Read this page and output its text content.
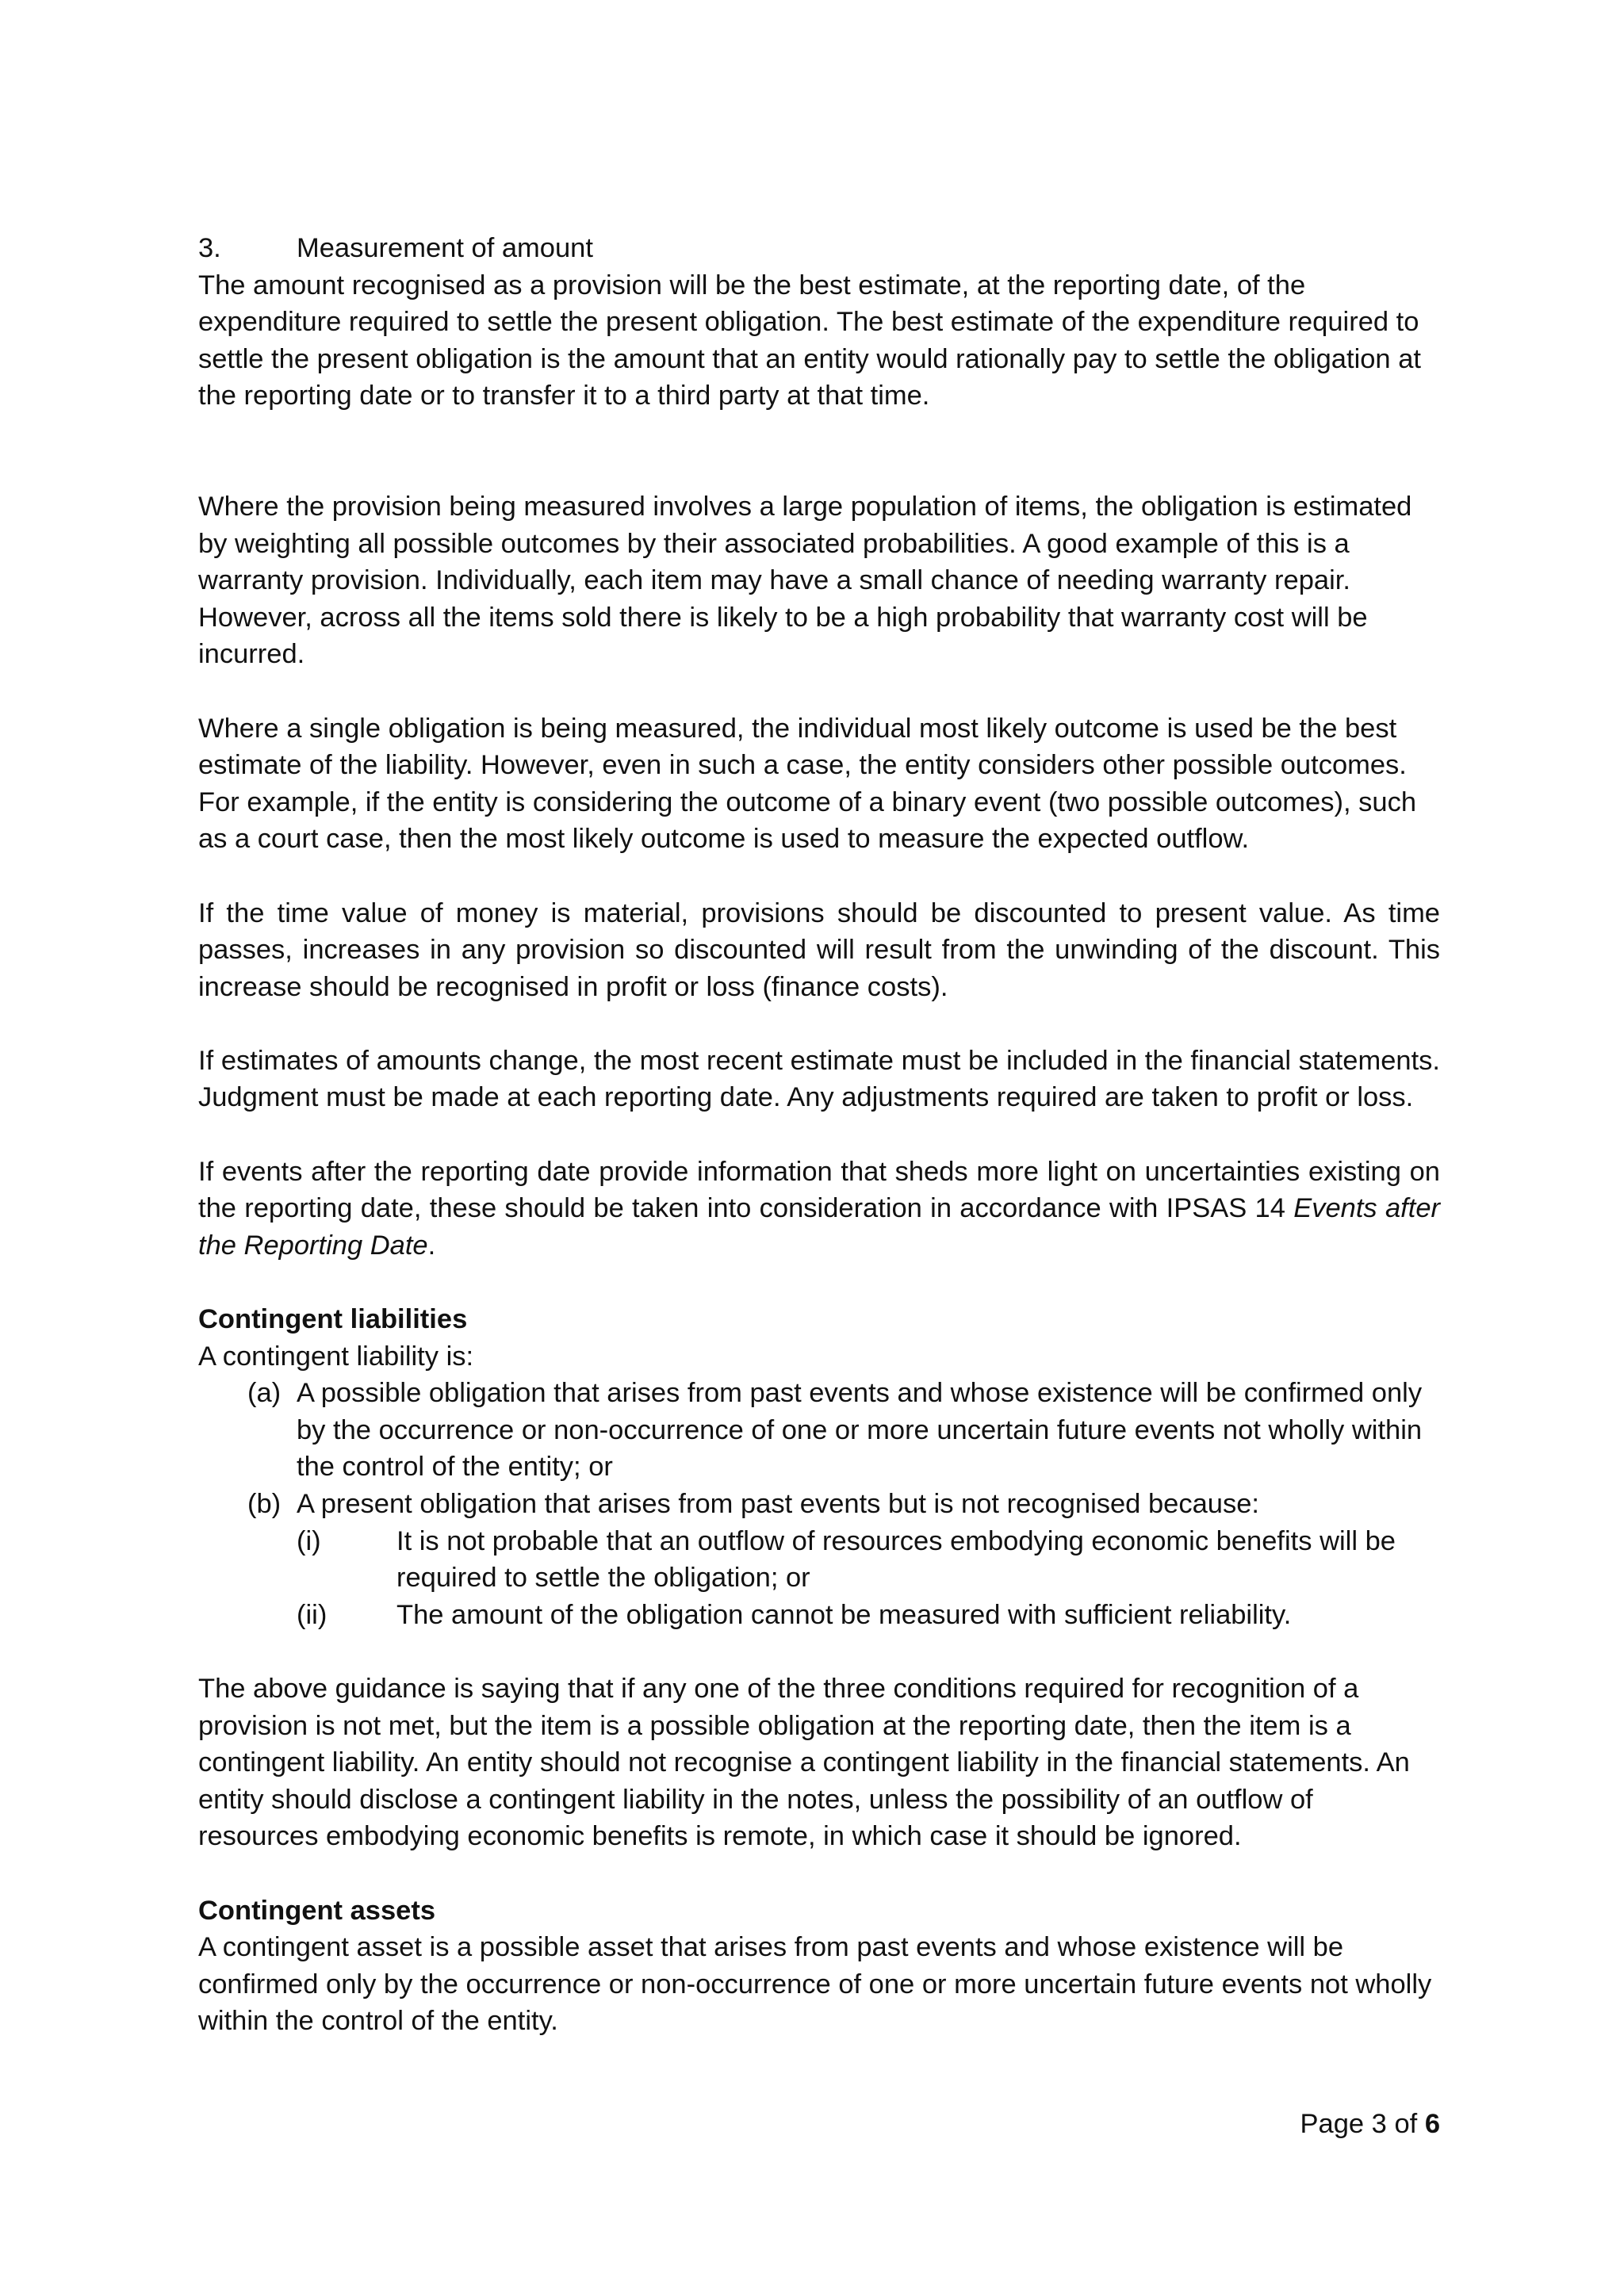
3.	Measurement of amount

The amount recognised as a provision will be the best estimate, at the reporting date, of the expenditure required to settle the present obligation. The best estimate of the expenditure required to settle the present obligation is the amount that an entity would rationally pay to settle the obligation at the reporting date or to transfer it to a third party at that time.

Where the provision being measured involves a large population of items, the obligation is estimated by weighting all possible outcomes by their associated probabilities. A good example of this is a warranty provision. Individually, each item may have a small chance of needing warranty repair. However, across all the items sold there is likely to be a high probability that warranty cost will be incurred.

Where a single obligation is being measured, the individual most likely outcome is used be the best estimate of the liability. However, even in such a case, the entity considers other possible outcomes. For example, if the entity is considering the outcome of a binary event (two possible outcomes), such as a court case, then the most likely outcome is used to measure the expected outflow.

If the time value of money is material, provisions should be discounted to present value. As time passes, increases in any provision so discounted will result from the unwinding of the discount. This increase should be recognised in profit or loss (finance costs).

If estimates of amounts change, the most recent estimate must be included in the financial statements. Judgment must be made at each reporting date. Any adjustments required are taken to profit or loss.

If events after the reporting date provide information that sheds more light on uncertainties existing on the reporting date, these should be taken into consideration in accordance with IPSAS 14 Events after the Reporting Date.

Contingent liabilities

A contingent liability is:

(a) A possible obligation that arises from past events and whose existence will be confirmed only by the occurrence or non-occurrence of one or more uncertain future events not wholly within the control of the entity; or
(b) A present obligation that arises from past events but is not recognised because:
(i)	It is not probable that an outflow of resources embodying economic benefits will be required to settle the obligation; or
(ii)	The amount of the obligation cannot be measured with sufficient reliability.

The above guidance is saying that if any one of the three conditions required for recognition of a provision is not met, but the item is a possible obligation at the reporting date, then the item is a contingent liability. An entity should not recognise a contingent liability in the financial statements. An entity should disclose a contingent liability in the notes, unless the possibility of an outflow of resources embodying economic benefits is remote, in which case it should be ignored.

Contingent assets

A contingent asset is a possible asset that arises from past events and whose existence will be confirmed only by the occurrence or non-occurrence of one or more uncertain future events not wholly within the control of the entity.

Page 3 of 6
